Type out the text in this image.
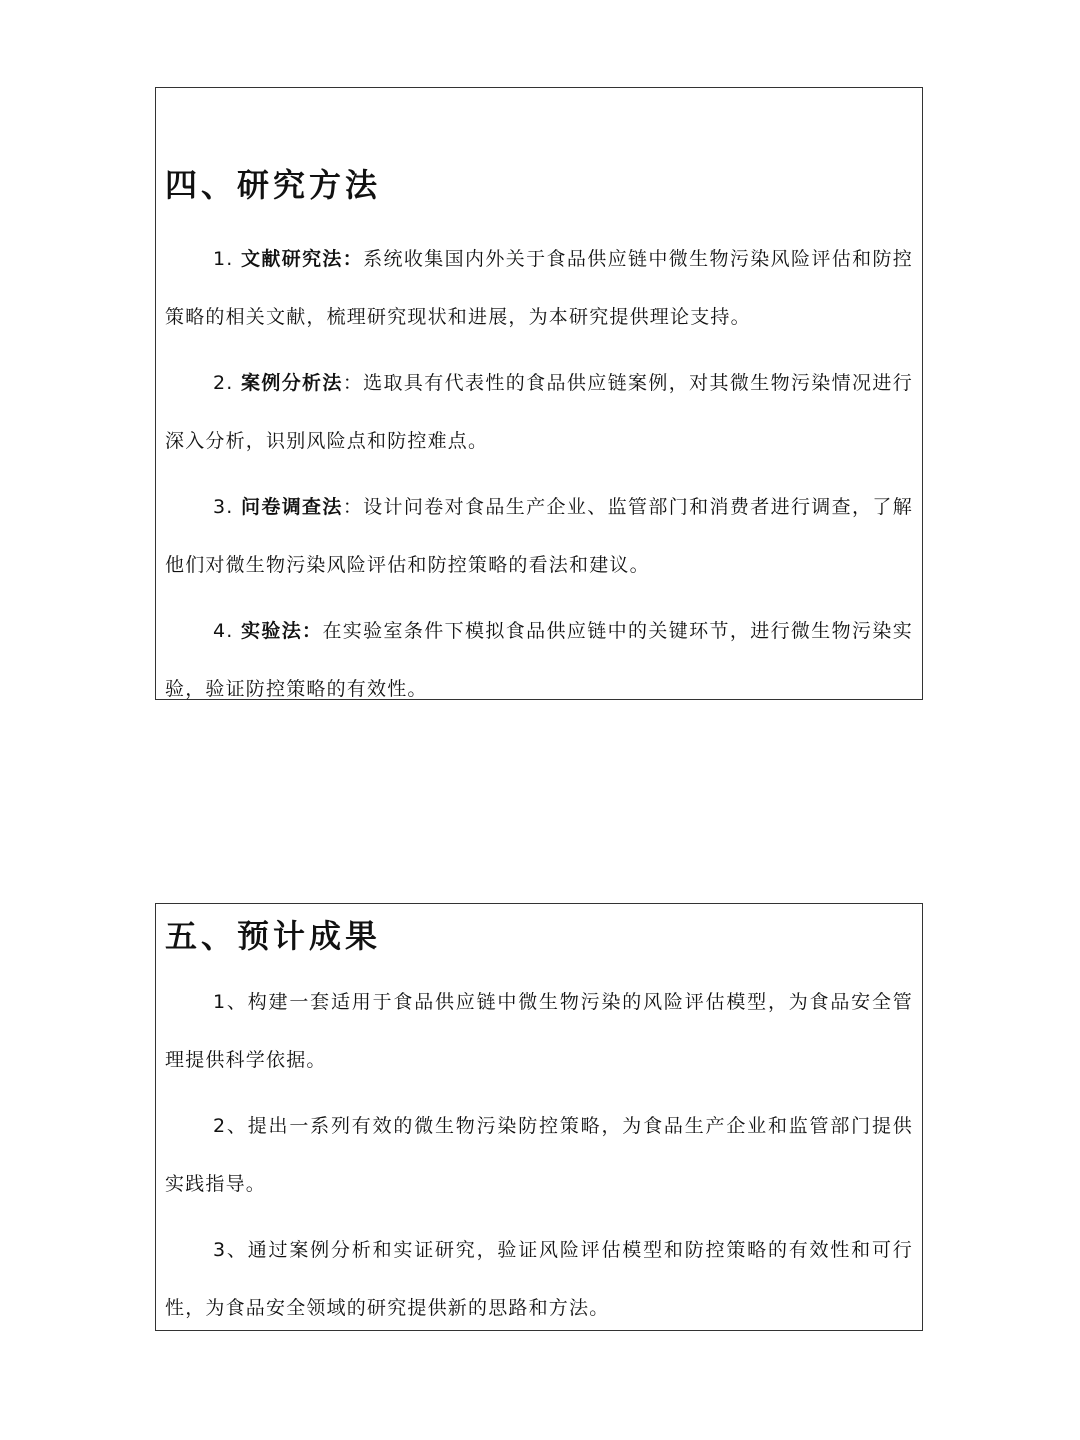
四、研究方法

1. 文献研究法：系统收集国内外关于食品供应链中微生物污染风险评估和防控策略的相关文献，梳理研究现状和进展，为本研究提供理论支持。

2. 案例分析法：选取具有代表性的食品供应链案例，对其微生物污染情况进行深入分析，识别风险点和防控难点。

3. 问卷调查法：设计问卷对食品生产企业、监管部门和消费者进行调查，了解他们对微生物污染风险评估和防控策略的看法和建议。

4. 实验法：在实验室条件下模拟食品供应链中的关键环节，进行微生物污染实验，验证防控策略的有效性。

五、预计成果

1、构建一套适用于食品供应链中微生物污染的风险评估模型，为食品安全管理提供科学依据。

2、提出一系列有效的微生物污染防控策略，为食品生产企业和监管部门提供实践指导。

3、通过案例分析和实证研究，验证风险评估模型和防控策略的有效性和可行性，为食品安全领域的研究提供新的思路和方法。
